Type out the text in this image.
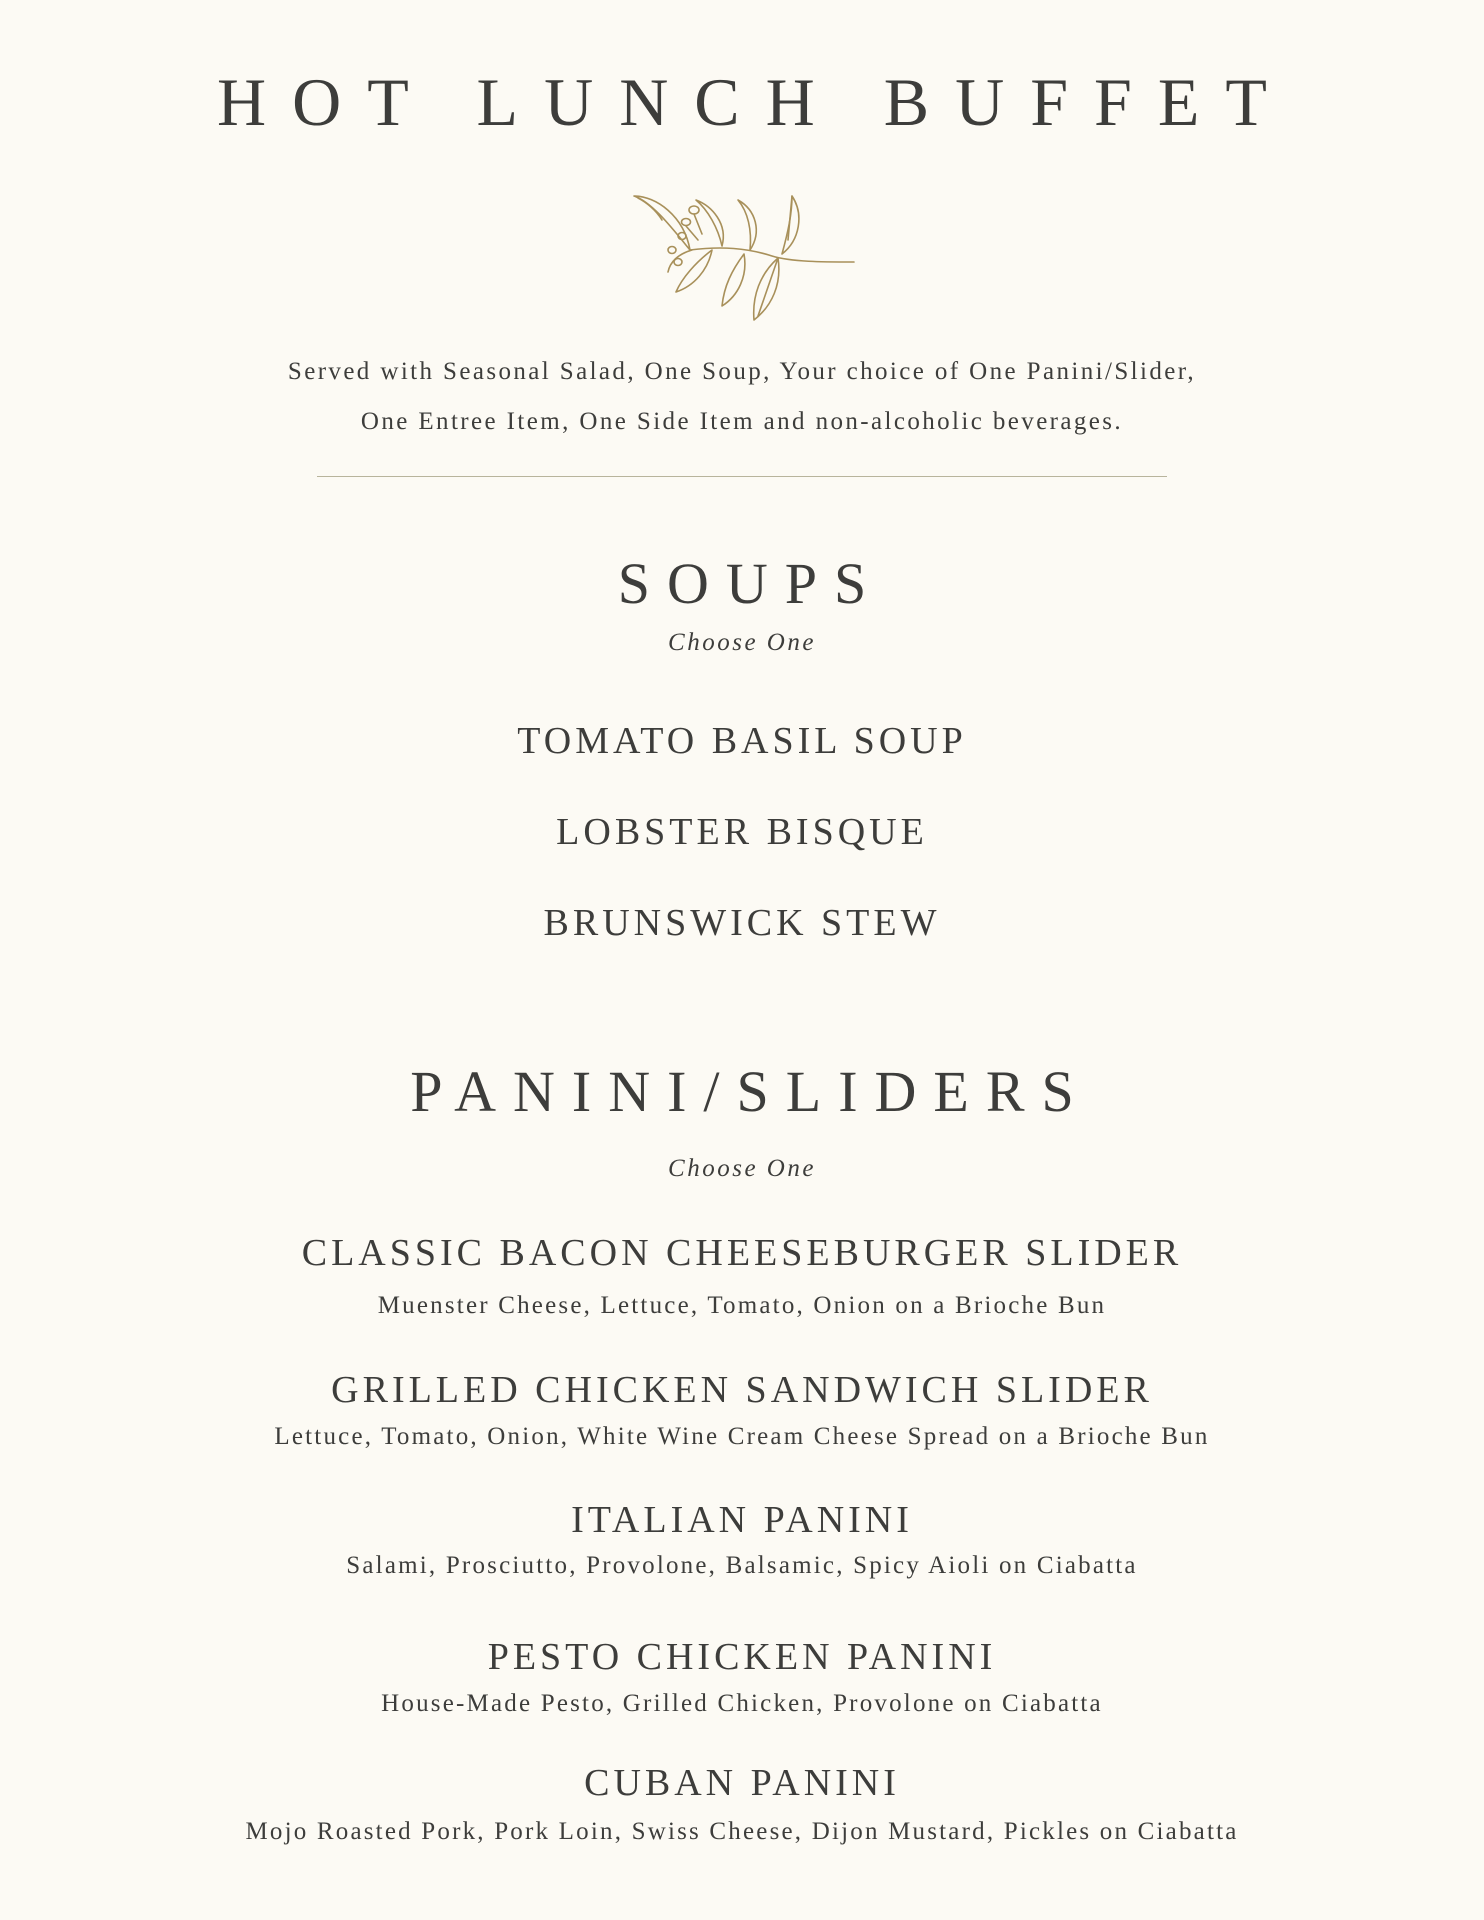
HOT LUNCH BUFFET
Served with Seasonal Salad, One Soup, Your choice of One Panini/Slider,
One Entree Item, One Side Item and non-alcoholic beverages.
SOUPS
Choose One
TOMATO BASIL SOUP
LOBSTER BISQUE
BRUNSWICK STEW
PANINI/SLIDERS
Choose One
CLASSIC BACON CHEESEBURGER SLIDER
Muenster Cheese, Lettuce, Tomato, Onion on a Brioche Bun
GRILLED CHICKEN SANDWICH SLIDER
Lettuce, Tomato, Onion, White Wine Cream Cheese Spread on a Brioche Bun
ITALIAN PANINI
Salami, Prosciutto, Provolone, Balsamic, Spicy Aioli on Ciabatta
PESTO CHICKEN PANINI
House-Made Pesto, Grilled Chicken, Provolone on Ciabatta
CUBAN PANINI
Mojo Roasted Pork, Pork Loin, Swiss Cheese, Dijon Mustard, Pickles on Ciabatta
